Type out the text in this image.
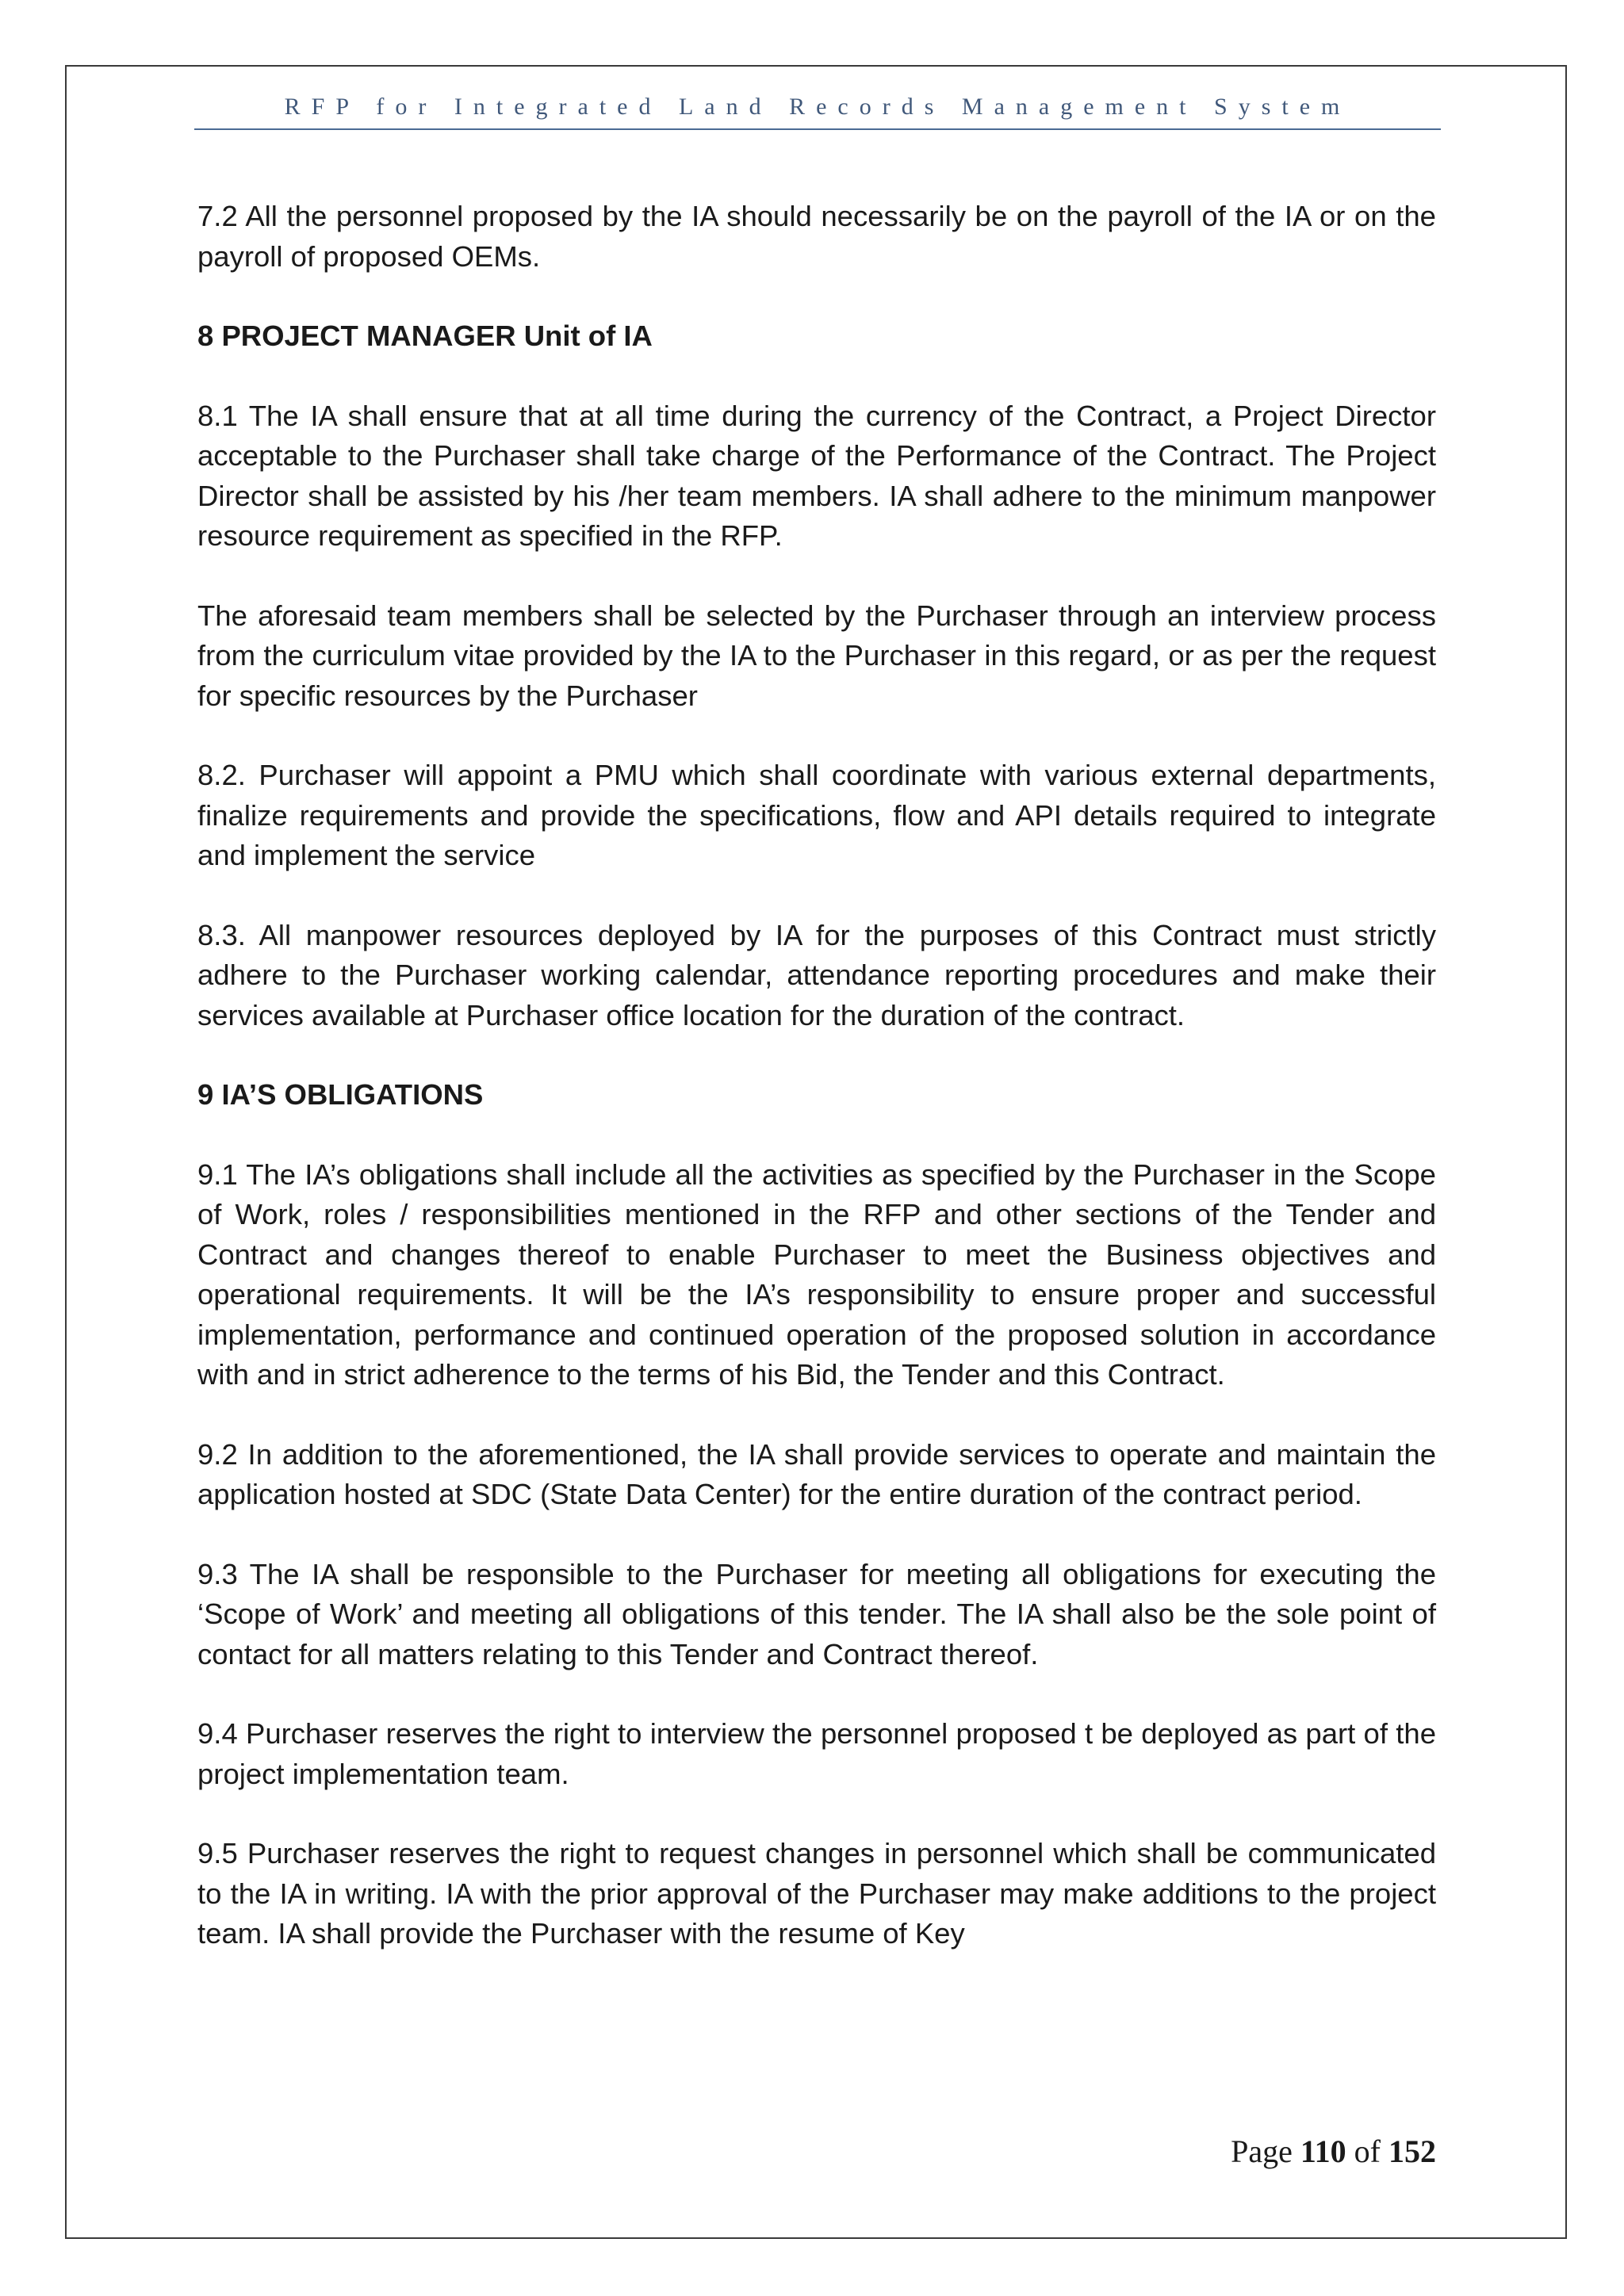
RFP for Integrated Land Records Management System

7.2 All the personnel proposed by the IA should necessarily be on the payroll of the IA or on the payroll of proposed OEMs.

8 PROJECT MANAGER Unit of IA

8.1 The IA shall ensure that at all time during the currency of the Contract, a Project Director acceptable to the Purchaser shall take charge of the Performance of the Contract. The Project Director shall be assisted by his /her team members. IA shall adhere to the minimum manpower resource requirement as specified in the RFP.

The aforesaid team members shall be selected by the Purchaser through an interview process from the curriculum vitae provided by the IA to the Purchaser in this regard, or as per the request for specific resources by the Purchaser

8.2. Purchaser will appoint a PMU which shall coordinate with various external departments, finalize requirements and provide the specifications, flow and API details required to integrate and implement the service

8.3. All manpower resources deployed by IA for the purposes of this Contract must strictly adhere to the Purchaser working calendar, attendance reporting procedures and make their services available at Purchaser office location for the duration of the contract.

9 IA’S OBLIGATIONS

9.1 The IA’s obligations shall include all the activities as specified by the Purchaser in the Scope of Work, roles / responsibilities mentioned in the RFP and other sections of the Tender and Contract and changes thereof to enable Purchaser to meet the Business objectives and operational requirements. It will be the IA’s responsibility to ensure proper and successful implementation, performance and continued operation of the proposed solution in accordance with and in strict adherence to the terms of his Bid, the Tender and this Contract.

9.2 In addition to the aforementioned, the IA shall provide services to operate and maintain the application hosted at SDC (State Data Center) for the entire duration of the contract period.

9.3 The IA shall be responsible to the Purchaser for meeting all obligations for executing the ‘Scope of Work’ and meeting all obligations of this tender. The IA shall also be the sole point of contact for all matters relating to this Tender and Contract thereof.

9.4 Purchaser reserves the right to interview the personnel proposed t be deployed as part of the project implementation team.

9.5 Purchaser reserves the right to request changes in personnel which shall be communicated to the IA in writing. IA with the prior approval of the Purchaser may make additions to the project team. IA shall provide the Purchaser with the resume of Key

Page 110 of 152
